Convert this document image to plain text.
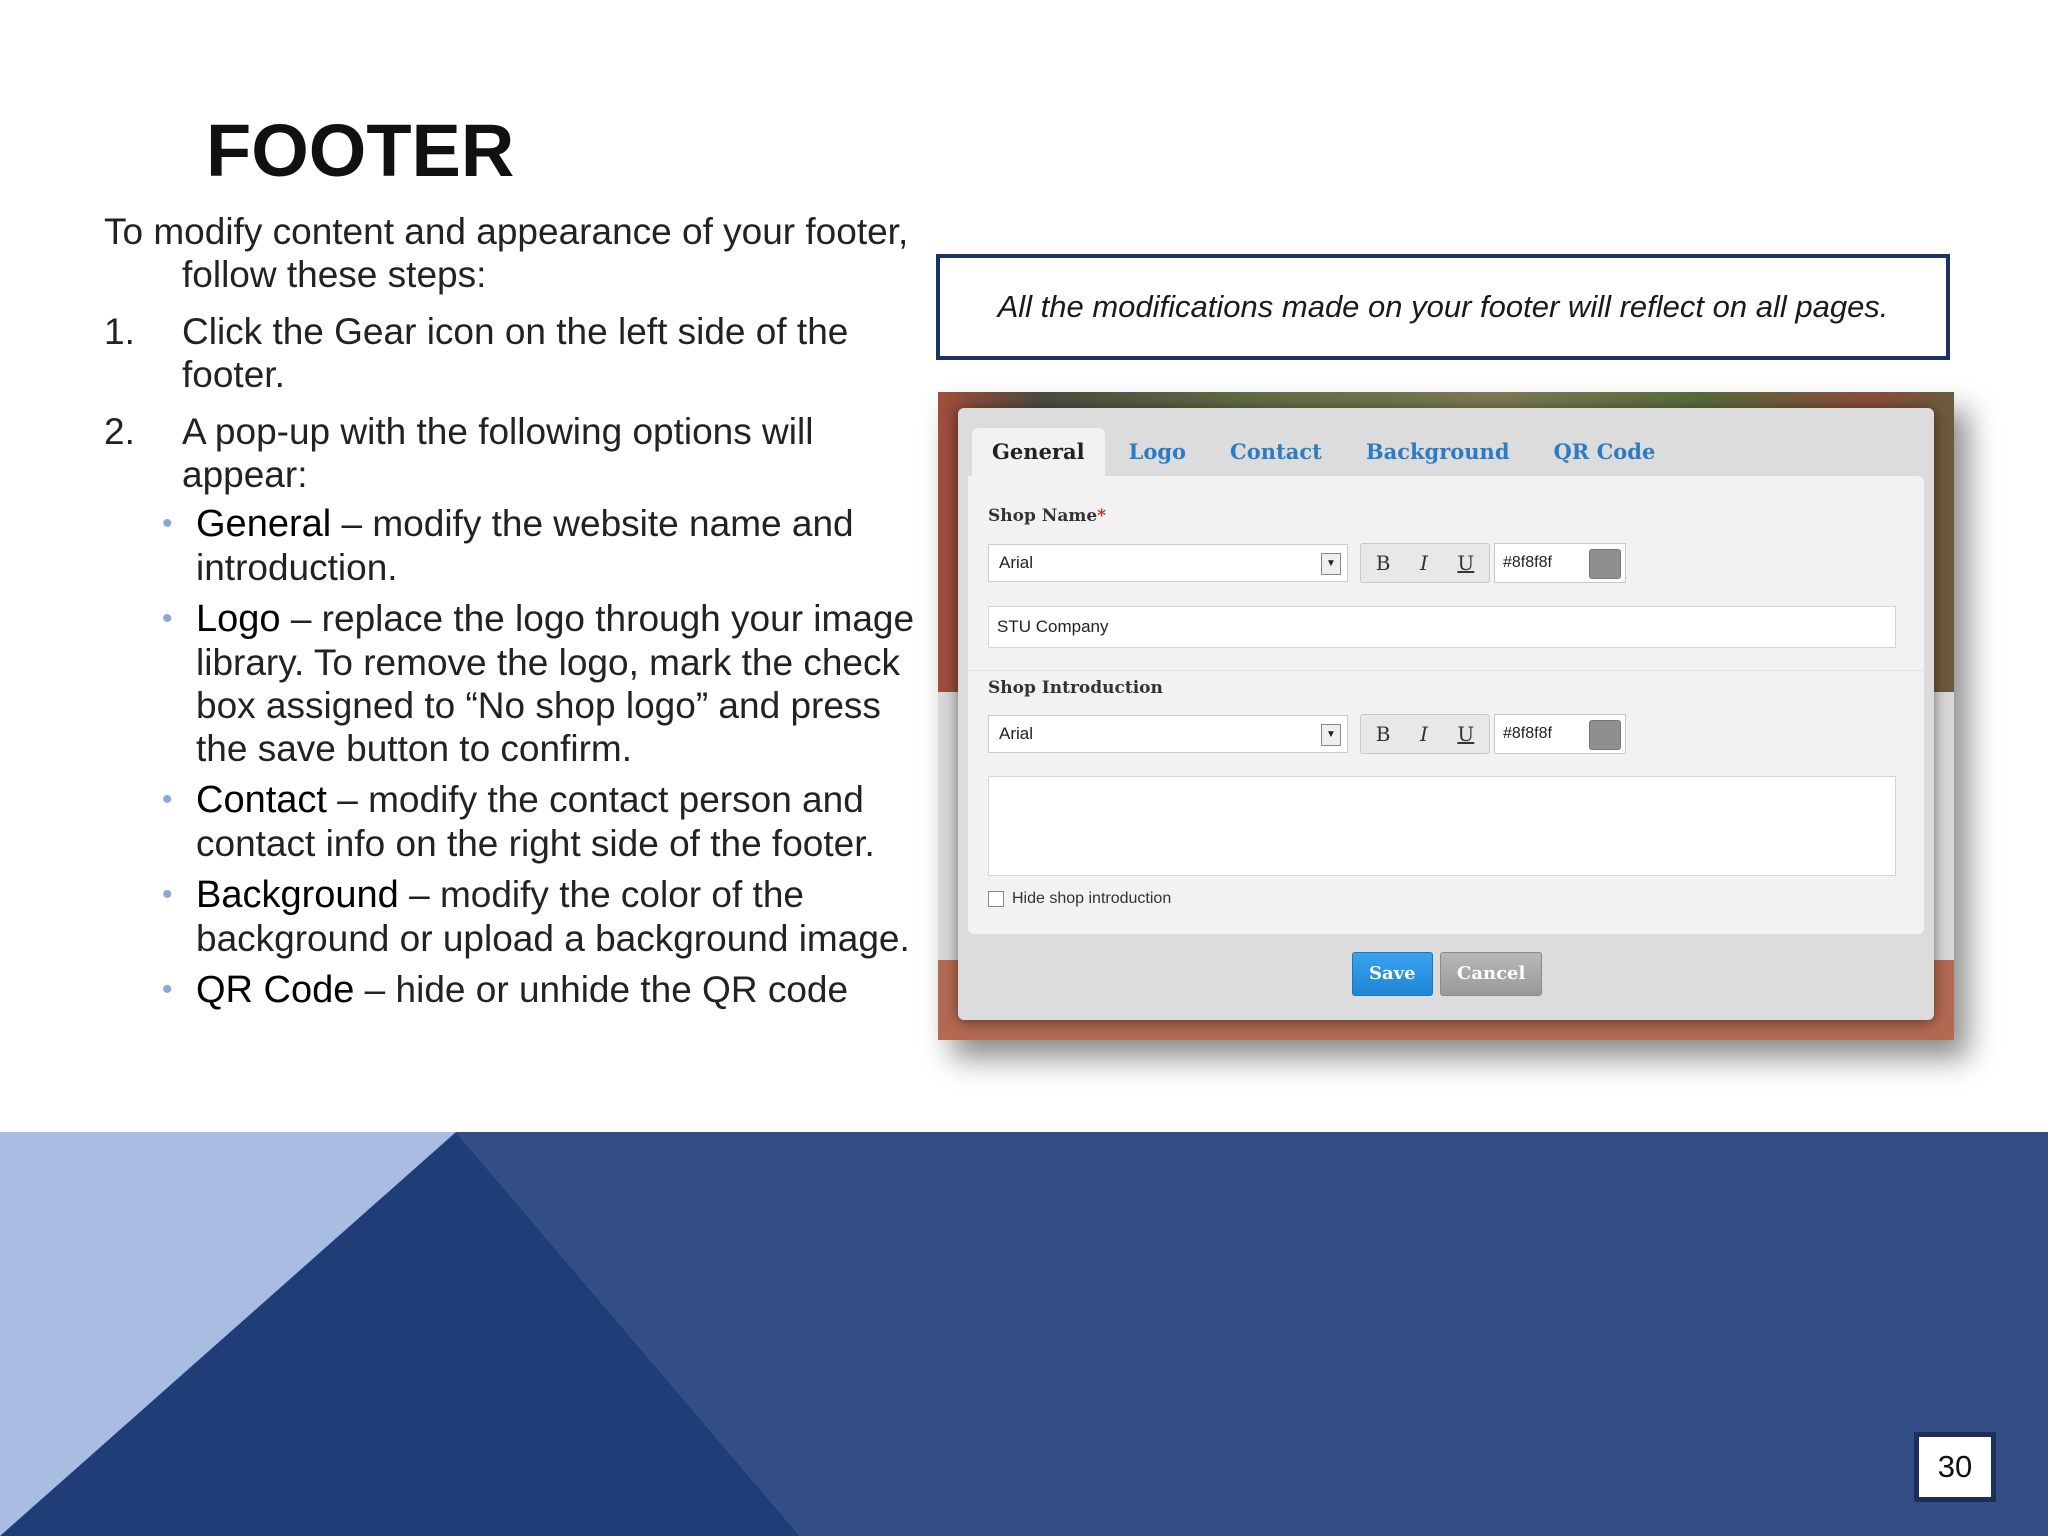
FOOTER

To modify content and appearance of your footer, follow these steps:

1. Click the Gear icon on the left side of the footer.
2. A pop-up with the following options will appear:
• General – modify the website name and introduction.
• Logo – replace the logo through your image library. To remove the logo, mark the check box assigned to “No shop logo” and press the save button to confirm.
• Contact – modify the contact person and contact info on the right side of the footer.
• Background – modify the color of the background or upload a background image.
• QR Code – hide or unhide the QR code
All the modifications made on your footer will reflect on all pages.
General	Logo	Contact	Background	QR Code
Shop Name*
Arial	▼ B I U	#8f8f8f
STU Company
Shop Introduction
Arial	▼ B I U	#8f8f8f
Hide shop introduction
Save	Cancel
30
